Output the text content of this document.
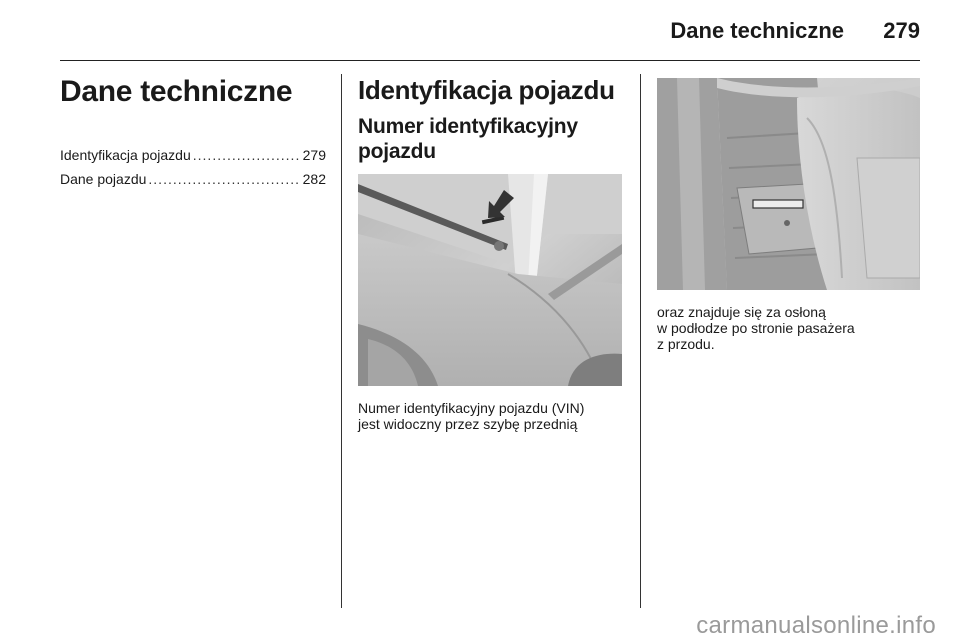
Dane techniczne 279
Dane techniczne
Identyfikacja pojazdu .....	279
Dane pojazdu .....	282
Identyfikacja pojazdu
Numer identyfikacyjny
pojazdu
Numer identyfikacyjny pojazdu (VIN)
jest widoczny przez szybę przednią
oraz znajduje się za osłoną
w podłodze po stronie pasażera
z przodu.
carmanualsonline.info
